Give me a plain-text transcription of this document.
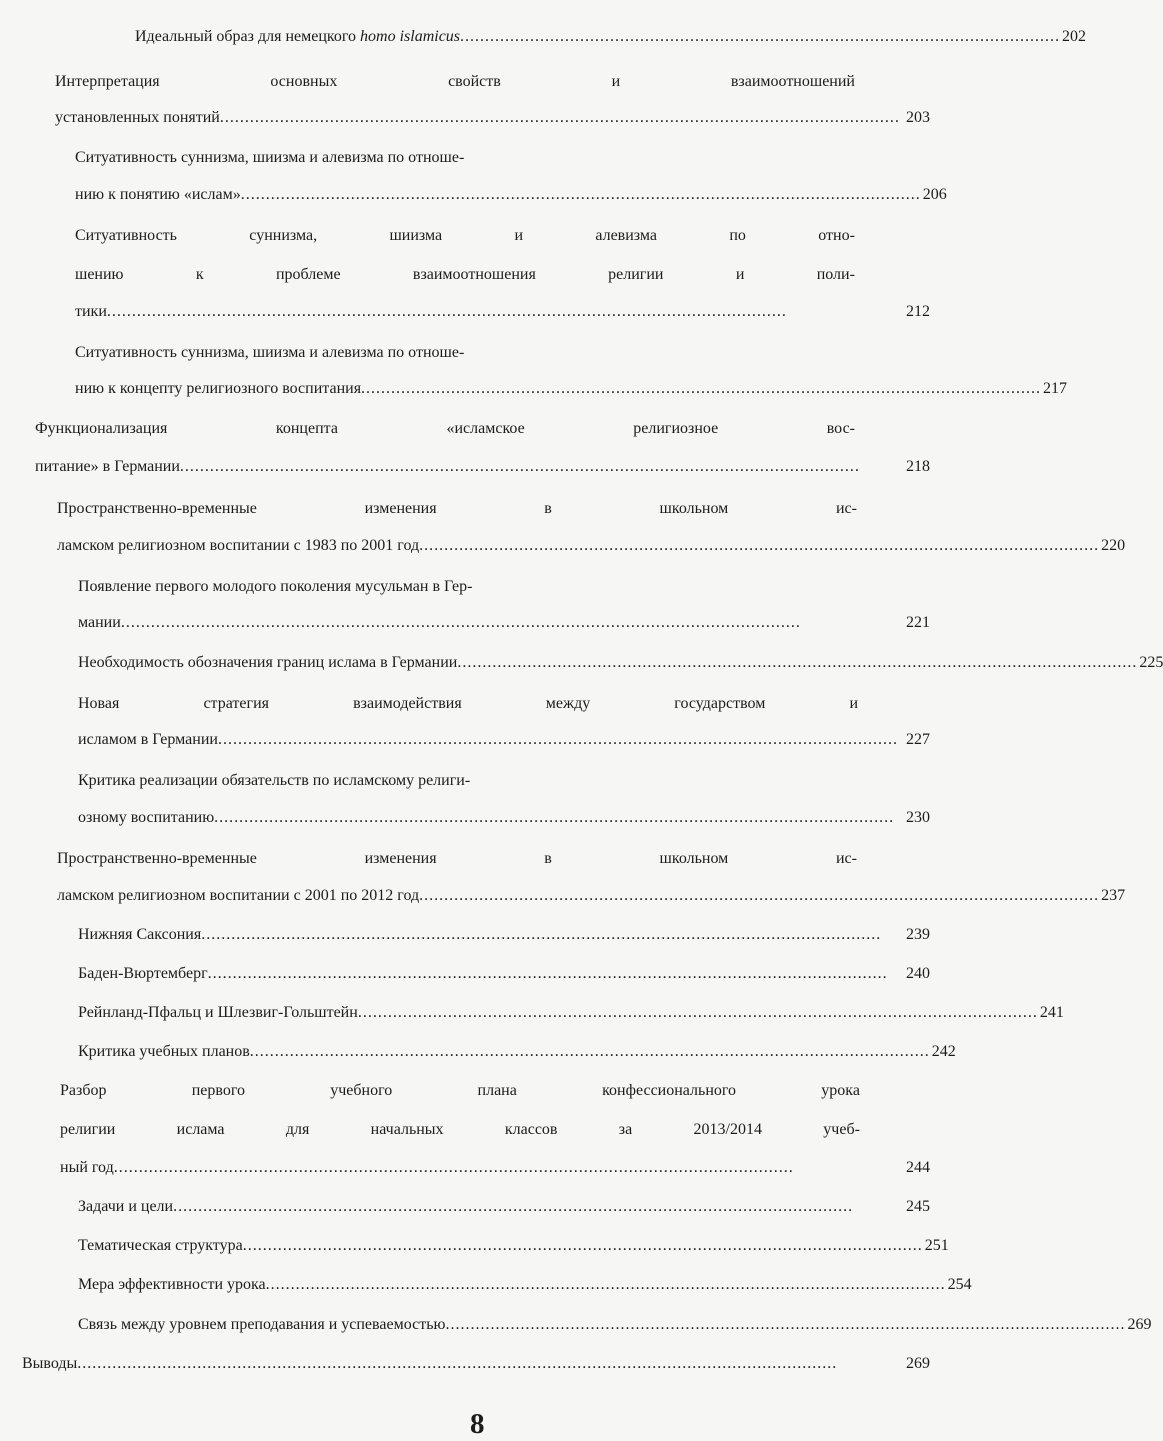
Идеальный образ для немецкого homo islamicus ........................................................................................................................ 202
Интерпретация	основных	свойств	и	взаимоотношений
установленных понятий ........................................................................................................................................ 203
Ситуативность суннизма, шиизма и алевизма по отноше-
нию к понятию «ислам» ........................................................................................................................................ 206
Ситуативность	суннизма,	шиизма	и	алевизма	по	отно-
шению	к	проблеме	взаимоотношения	религии	и	поли-
тики ........................................................................................................................................	212
Ситуативность суннизма, шиизма и алевизма по отноше-
нию к концепту религиозного воспитания ........................................................................................................................................ 217
Функционализация	концепта	«исламское	религиозное	вос-
питание» в Германии ........................................................................................................................................	218
Пространственно-временные	изменения	в	школьном	ис-
ламском религиозном воспитании с 1983 по 2001 год ........................................................................................................................................ 220
Появление первого молодого поколения мусульман в Гер-
мании ........................................................................................................................................	221
Необходимость обозначения границ ислама в Германии ........................................................................................................................................ 225
Новая	стратегия	взаимодействия	между	государством	и
исламом в Германии ........................................................................................................................................ 227
Критика реализации обязательств по исламскому религи-
озному воспитанию ........................................................................................................................................ 230
Пространственно-временные	изменения	в	школьном	ис-
ламском религиозном воспитании с 2001 по 2012 год ........................................................................................................................................ 237
Нижняя Саксония ........................................................................................................................................	239
Баден-Вюртемберг ........................................................................................................................................	240
Рейнланд-Пфальц и Шлезвиг-Гольштейн ........................................................................................................................................ 241
Критика учебных планов ........................................................................................................................................ 242
Разбор	первого	учебного	плана	конфессионального	урока
религии	ислама	для	начальных	классов	за	2013/2014	учеб-
ный год ........................................................................................................................................	244
Задачи и цели ........................................................................................................................................	245
Тематическая структура ........................................................................................................................................ 251
Мера эффективности урока ........................................................................................................................................ 254
Связь между уровнем преподавания и успеваемостью ........................................................................................................................................ 269
Выводы ........................................................................................................................................................	269
8
